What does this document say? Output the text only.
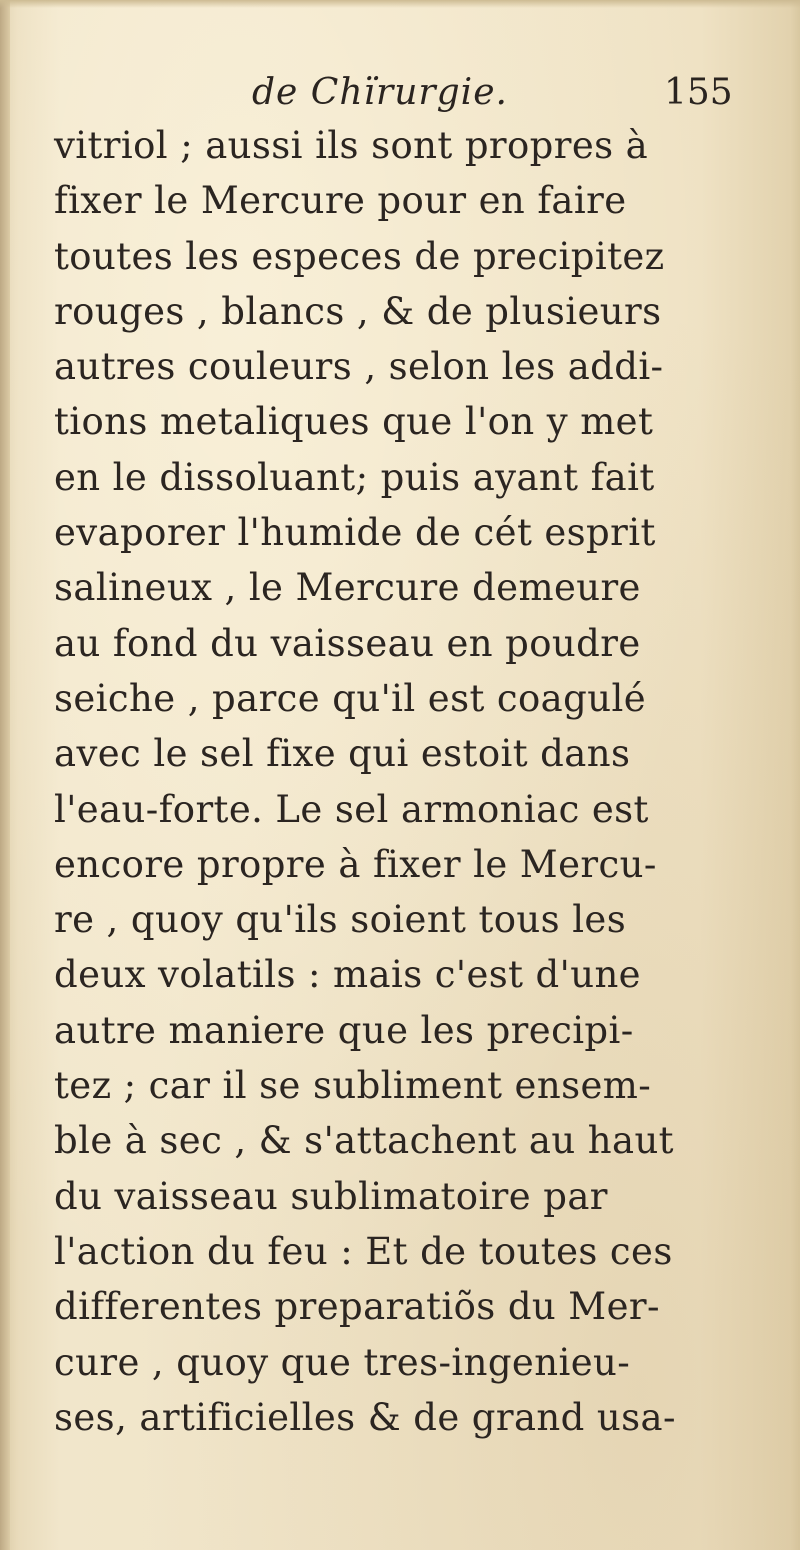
de Chïrurgie.	155
vitriol ; aussi ils sont propres à
fixer le Mercure pour en faire
toutes les especes de precipitez
rouges , blancs , & de plusieurs
autres couleurs , selon les addi-
tions metaliques que l'on y met
en le dissoluant; puis ayant fait
evaporer l'humide de cét esprit
salineux , le Mercure demeure
au fond du vaisseau en poudre
seiche , parce qu'il est coagulé
avec le sel fixe qui estoit dans
l'eau-forte. Le sel armoniac est
encore propre à fixer le Mercu-
re , quoy qu'ils soient tous les
deux volatils : mais c'est d'une
autre maniere que les precipi-
tez ; car il se subliment ensem-
ble à sec , & s'attachent au haut
du vaisseau sublimatoire par
l'action du feu : Et de toutes ces
differentes preparatiõs du Mer-
cure , quoy que tres-ingenieu-
ses, artificielles & de grand usa-
